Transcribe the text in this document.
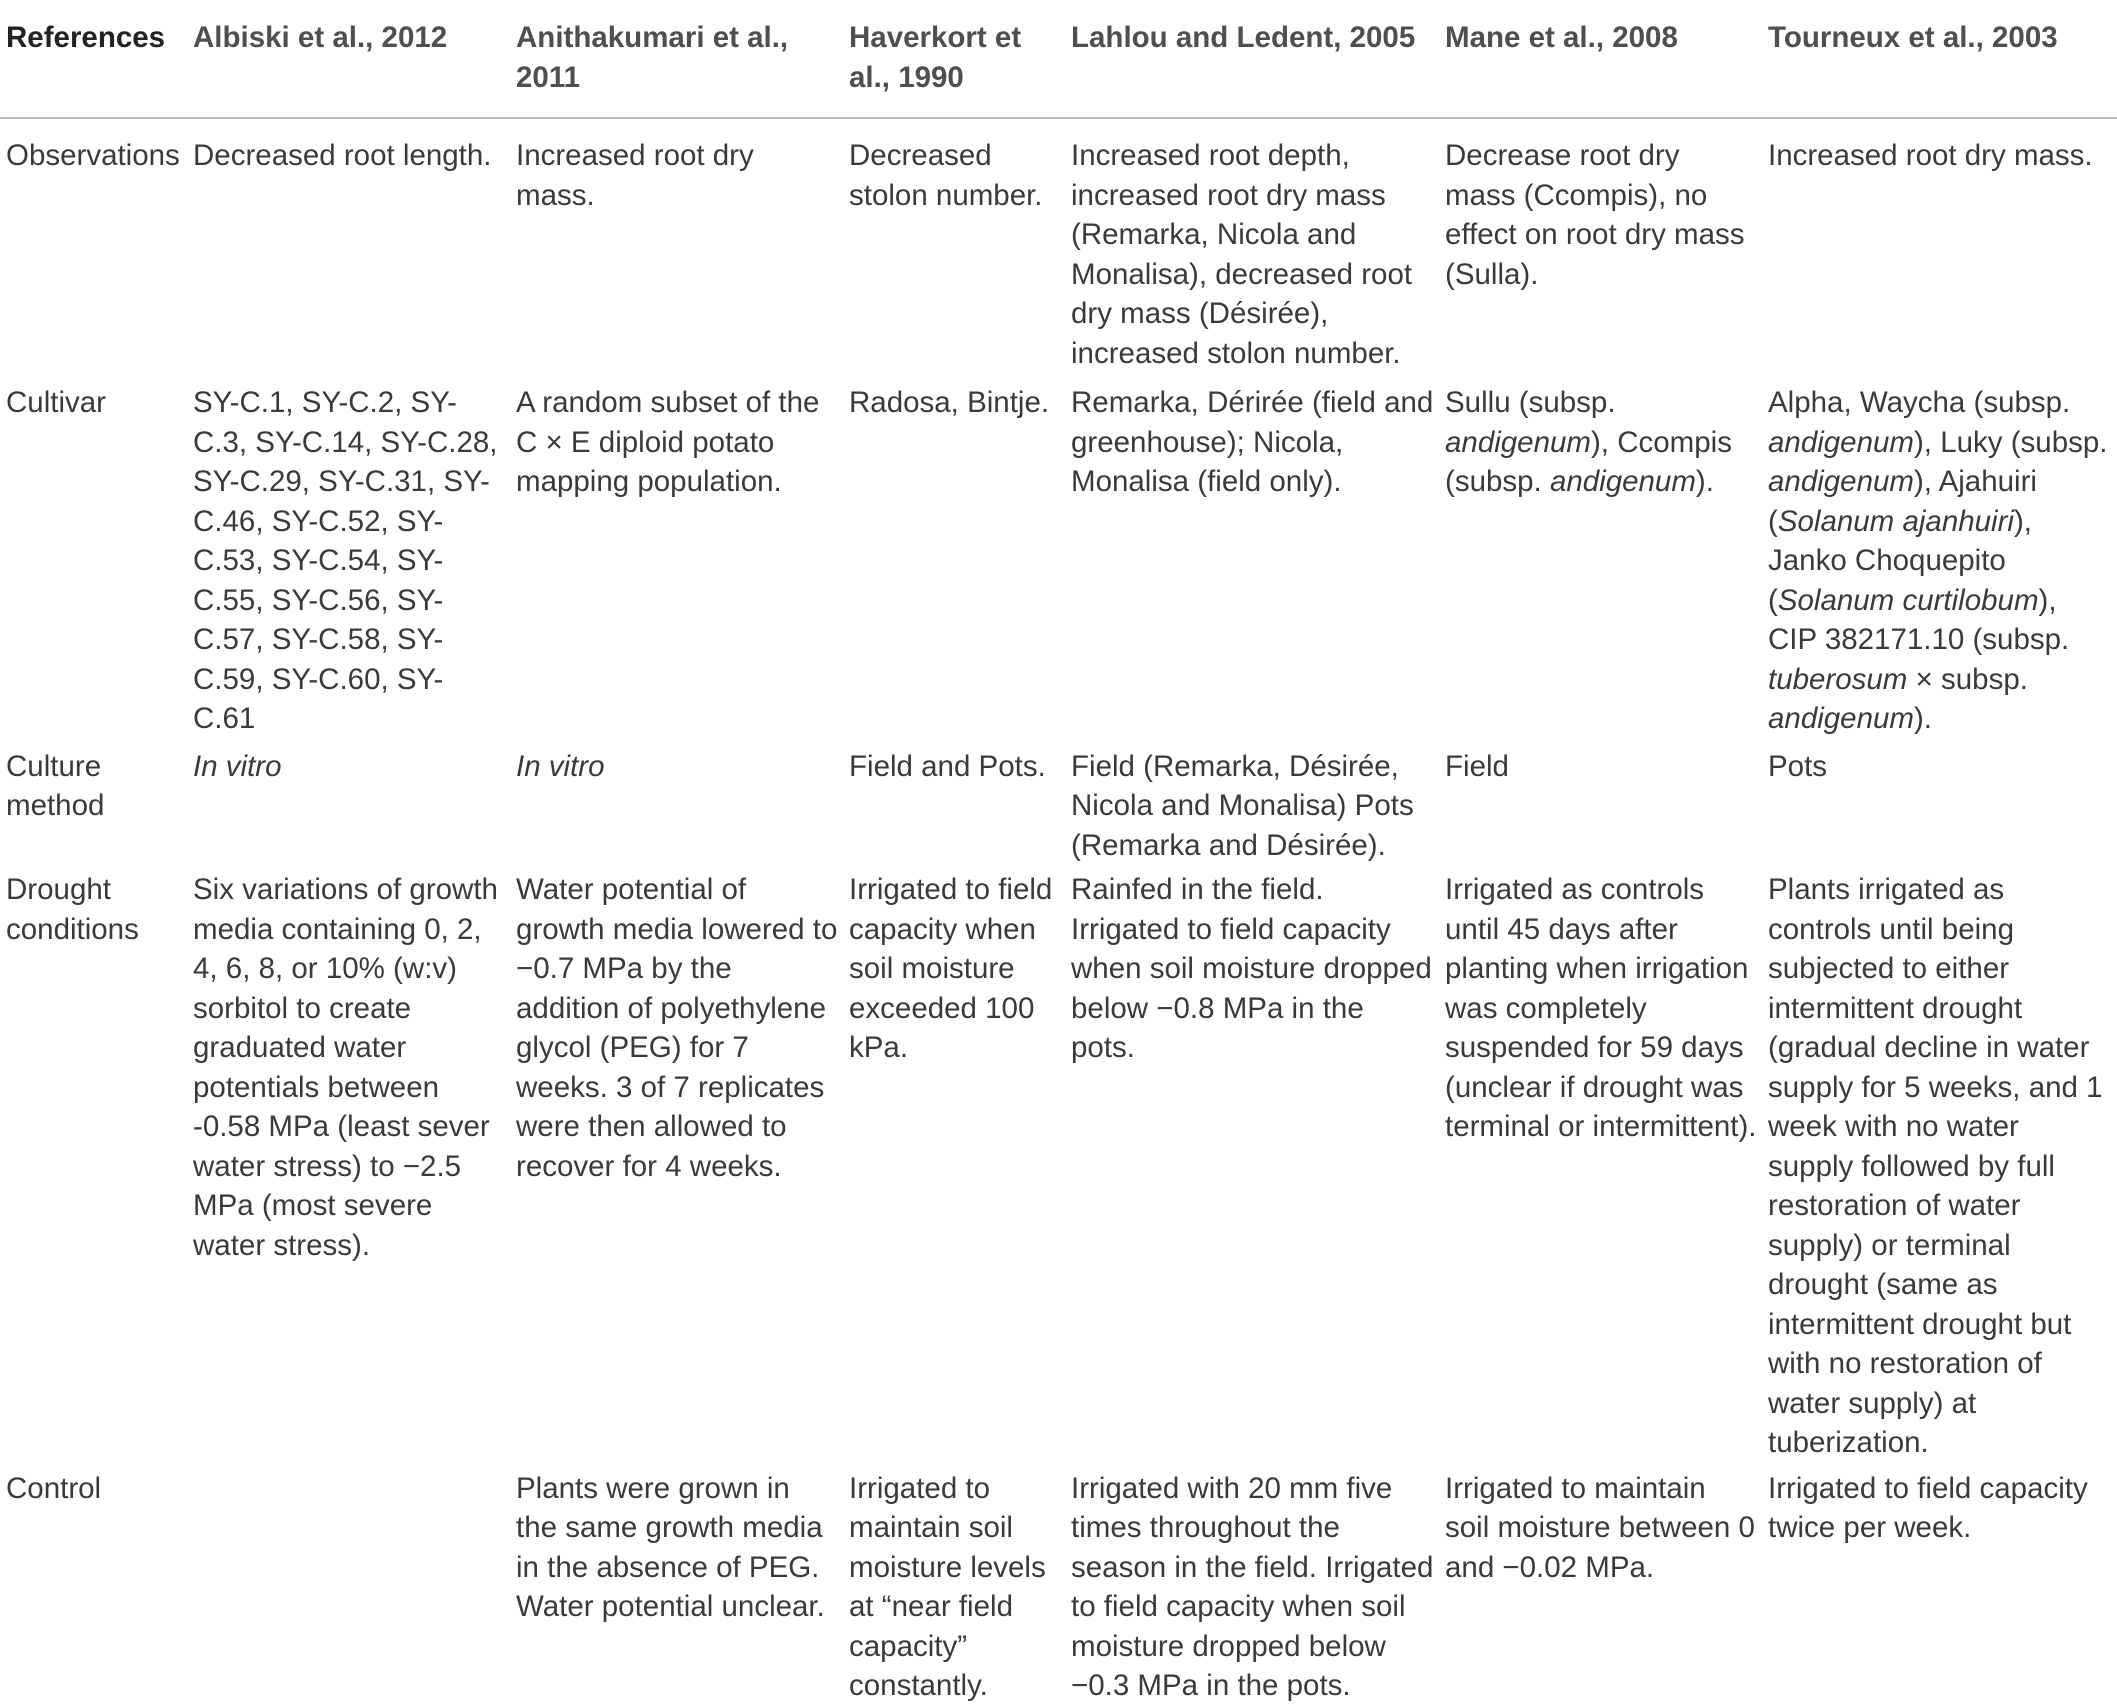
References	Albiski et al., 2012	Anithakumari et al., 2011	Haverkort et al., 1990	Lahlou and Ledent, 2005	Mane et al., 2008	Tourneux et al., 2003
Observations	Decreased root length.	Increased root dry mass.	Decreased stolon number.	Increased root depth, increased root dry mass (Remarka, Nicola and Monalisa), decreased root dry mass (Désirée), increased stolon number.	Decrease root dry mass (Ccompis), no effect on root dry mass (Sulla).	Increased root dry mass.
Cultivar	SY-C.1, SY-C.2, SY-C.3, SY-C.14, SY-C.28, SY-C.29, SY-C.31, SY-C.46, SY-C.52, SY-C.53, SY-C.54, SY-C.55, SY-C.56, SY-C.57, SY-C.58, SY-C.59, SY-C.60, SY-C.61	A random subset of the C × E diploid potato mapping population.	Radosa, Bintje.	Remarka, Dérirée (field and greenhouse); Nicola, Monalisa (field only).	Sullu (subsp. andigenum), Ccompis (subsp. andigenum).	Alpha, Waycha (subsp. andigenum), Luky (subsp. andigenum), Ajahuiri (Solanum ajanhuiri), Janko Choquepito (Solanum curtilobum), CIP 382171.10 (subsp. tuberosum × subsp. andigenum).
Culture method	In vitro	In vitro	Field and Pots.	Field (Remarka, Désirée, Nicola and Monalisa) Pots (Remarka and Désirée).	Field	Pots
Drought conditions	Six variations of growth media containing 0, 2, 4, 6, 8, or 10% (w:v) sorbitol to create graduated water potentials between -0.58 MPa (least sever water stress) to −2.5 MPa (most severe water stress).	Water potential of growth media lowered to −0.7 MPa by the addition of polyethylene glycol (PEG) for 7 weeks. 3 of 7 replicates were then allowed to recover for 4 weeks.	Irrigated to field capacity when soil moisture exceeded 100 kPa.	Rainfed in the field. Irrigated to field capacity when soil moisture dropped below −0.8 MPa in the pots.	Irrigated as controls until 45 days after planting when irrigation was completely suspended for 59 days (unclear if drought was terminal or intermittent).	Plants irrigated as controls until being subjected to either intermittent drought (gradual decline in water supply for 5 weeks, and 1 week with no water supply followed by full restoration of water supply) or terminal drought (same as intermittent drought but with no restoration of water supply) at tuberization.
Control		Plants were grown in the same growth media in the absence of PEG. Water potential unclear.	Irrigated to maintain soil moisture levels at “near field capacity” constantly.	Irrigated with 20 mm five times throughout the season in the field. Irrigated to field capacity when soil moisture dropped below −0.3 MPa in the pots.	Irrigated to maintain soil moisture between 0 and −0.02 MPa.	Irrigated to field capacity twice per week.
